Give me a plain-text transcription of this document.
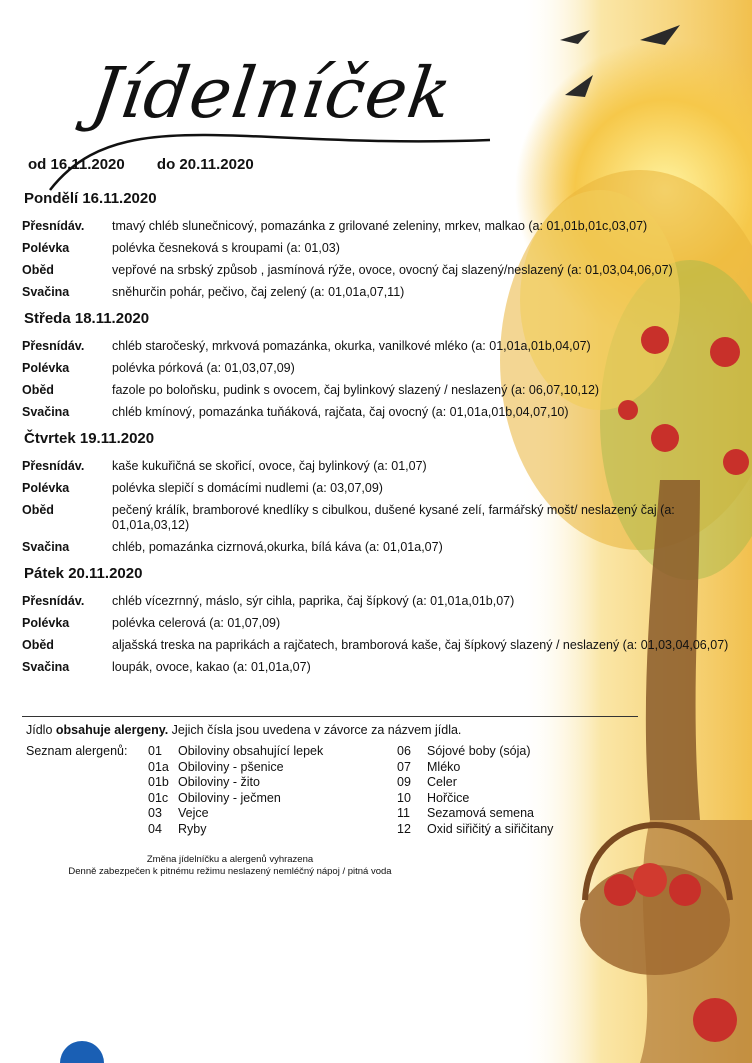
Jídelníček
od 16.11.2020 do 20.11.2020
Pondělí 16.11.2020
Přesnídáv.	tmavý chléb slunečnicový, pomazánka z grilované zeleniny, mrkev, malkao (a: 01,01b,01c,03,07)
Polévka	polévka česneková s kroupami (a: 01,03)
Oběd	vepřové na srbský způsob , jasmínová rýže, ovoce, ovocný čaj slazený/neslazený (a: 01,03,04,06,07)
Svačina	sněhurčin pohár, pečivo, čaj zelený (a: 01,01a,07,11)
Středa 18.11.2020
Přesnídáv.	chléb staročeský, mrkvová pomazánka, okurka, vanilkové mléko (a: 01,01a,01b,04,07)
Polévka	polévka pórková (a: 01,03,07,09)
Oběd	fazole po boloňsku, pudink s ovocem, čaj bylinkový slazený / neslazený (a: 06,07,10,12)
Svačina	chléb kmínový, pomazánka tuňáková, rajčata, čaj ovocný (a: 01,01a,01b,04,07,10)
Čtvrtek 19.11.2020
Přesnídáv.	kaše kukuřičná se skořicí, ovoce, čaj bylinkový (a: 01,07)
Polévka	polévka slepičí s domácími nudlemi (a: 03,07,09)
Oběd	pečený králík, bramborové knedlíky s cibulkou, dušené kysané zelí, farmářský mošt/ neslazený čaj (a: 01,01a,03,12)
Svačina	chléb, pomazánka cizrnová,okurka, bílá káva (a: 01,01a,07)
Pátek 20.11.2020
Přesnídáv.	chléb vícezrnný, máslo, sýr cihla, paprika, čaj šípkový (a: 01,01a,01b,07)
Polévka	polévka celerová (a: 01,07,09)
Oběd	aljašská treska na paprikách a rajčatech, bramborová kaše, čaj šípkový slazený / neslazený (a: 01,03,04,06,07)
Svačina	loupák, ovoce, kakao (a: 01,01a,07)
Jídlo obsahuje alergeny. Jejich čísla jsou uvedena v závorce za názvem jídla.
Seznam alergenů: 01	Obiloviny obsahující lepek
01a Obiloviny - pšenice
01b Obiloviny - žito
01c Obiloviny - ječmen
03	Vejce
04	Ryby
06	Sójové boby (sója)
07	Mléko
09	Celer
10	Hořčice
11	Sezamová semena
12	Oxid siřičitý a siřičitany
Změna jídelníčku a alergenů vyhrazena
Denně zabezpečen k pitnému režimu neslazený nemléčný nápoj / pitná voda
